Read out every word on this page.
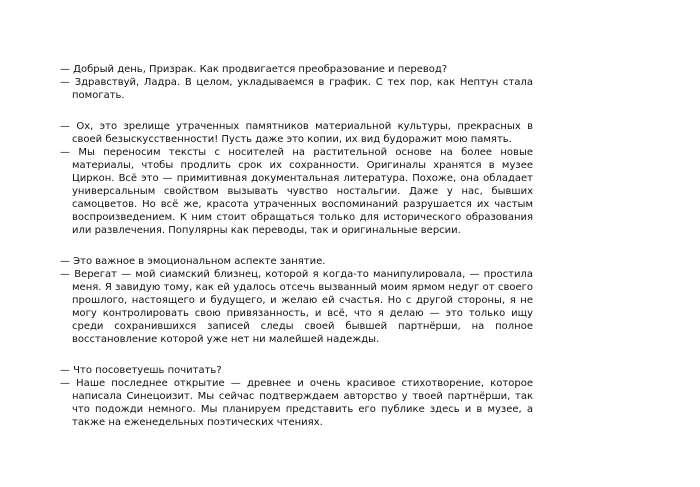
— Добрый день, Призрак. Как продвигается преобразование и перевод?

— Здравствуй, Ладра. В целом, укладываемся в график. С тех пор, как Нептун стала помогать.

— Ох, это зрелище утраченных памятников материальной культуры, прекрасных в своей безыскусственности! Пусть даже это копии, их вид будоражит мою память.

— Мы переносим тексты с носителей на растительной основе на более новые материалы, чтобы продлить срок их сохранности. Оригиналы хранятся в музее Циркон. Всё это — примитивная документальная литература. Похоже, она обладает универсальным свойством вызывать чувство ностальгии. Даже у нас, бывших самоцветов. Но всё же, красота утраченных воспоминаний разрушается их частым воспроизведением. К ним стоит обращаться только для исторического образования или развлечения. Популярны как переводы, так и оригинальные версии.

— Это важное в эмоциональном аспекте занятие.

— Верегат — мой сиамский близнец, которой я когда-то манипулировала, — простила меня. Я завидую тому, как ей удалось отсечь вызванный моим ярмом недуг от своего прошлого, настоящего и будущего, и желаю ей счастья. Но с другой стороны, я не могу контролировать свою привязанность, и всё, что я делаю — это только ищу среди сохранившихся записей следы своей бывшей партнёрши, на полное восстановление которой уже нет ни малейшей надежды.

— Что посоветуешь почитать?

— Наше последнее открытие — древнее и очень красивое стихотворение, которое написала Синецоизит. Мы сейчас подтверждаем авторство у твоей партнёрши, так что подожди немного. Мы планируем представить его публике здесь и в музее, а также на еженедельных поэтических чтениях.
